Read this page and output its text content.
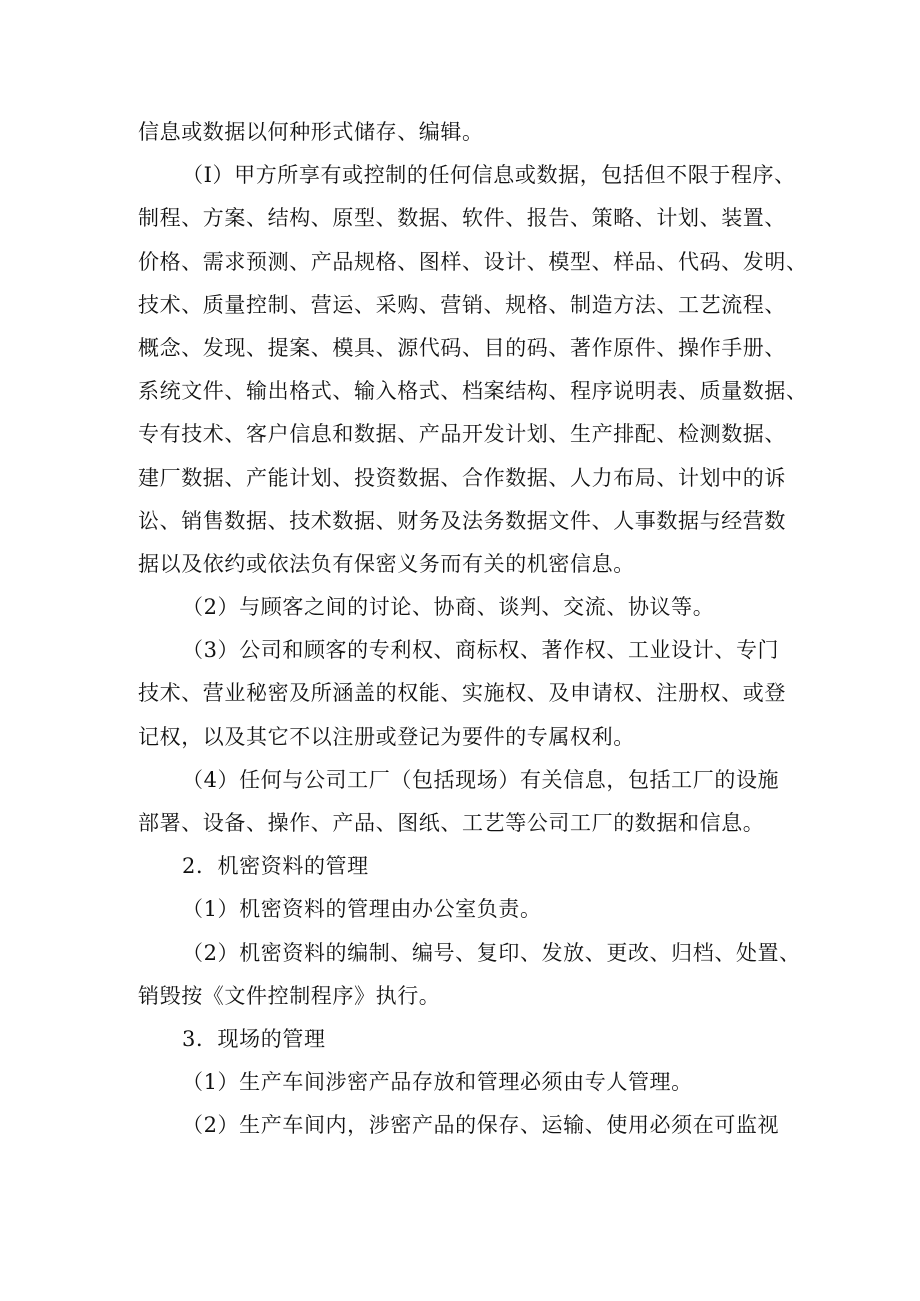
信息或数据以何种形式储存、编辑。
（I）甲方所享有或控制的任何信息或数据，包括但不限于程序、
制程、方案、结构、原型、数据、软件、报告、策略、计划、装置、
价格、需求预测、产品规格、图样、设计、模型、样品、代码、发明、
技术、质量控制、营运、采购、营销、规格、制造方法、工艺流程、
概念、发现、提案、模具、源代码、目的码、著作原件、操作手册、
系统文件、输出格式、输入格式、档案结构、程序说明表、质量数据、
专有技术、客户信息和数据、产品开发计划、生产排配、检测数据、
建厂数据、产能计划、投资数据、合作数据、人力布局、计划中的诉
讼、销售数据、技术数据、财务及法务数据文件、人事数据与经营数
据以及依约或依法负有保密义务而有关的机密信息。
（2）与顾客之间的讨论、协商、谈判、交流、协议等。
（3）公司和顾客的专利权、商标权、著作权、工业设计、专门
技术、营业秘密及所涵盖的权能、实施权、及申请权、注册权、或登
记权，以及其它不以注册或登记为要件的专属权利。
（4）任何与公司工厂（包括现场）有关信息，包括工厂的设施
部署、设备、操作、产品、图纸、工艺等公司工厂的数据和信息。
2．机密资料的管理
（1）机密资料的管理由办公室负责。
（2）机密资料的编制、编号、复印、发放、更改、归档、处置、
销毁按《文件控制程序》执行。
3．现场的管理
（1）生产车间涉密产品存放和管理必须由专人管理。
（2）生产车间内，涉密产品的保存、运输、使用必须在可监视
